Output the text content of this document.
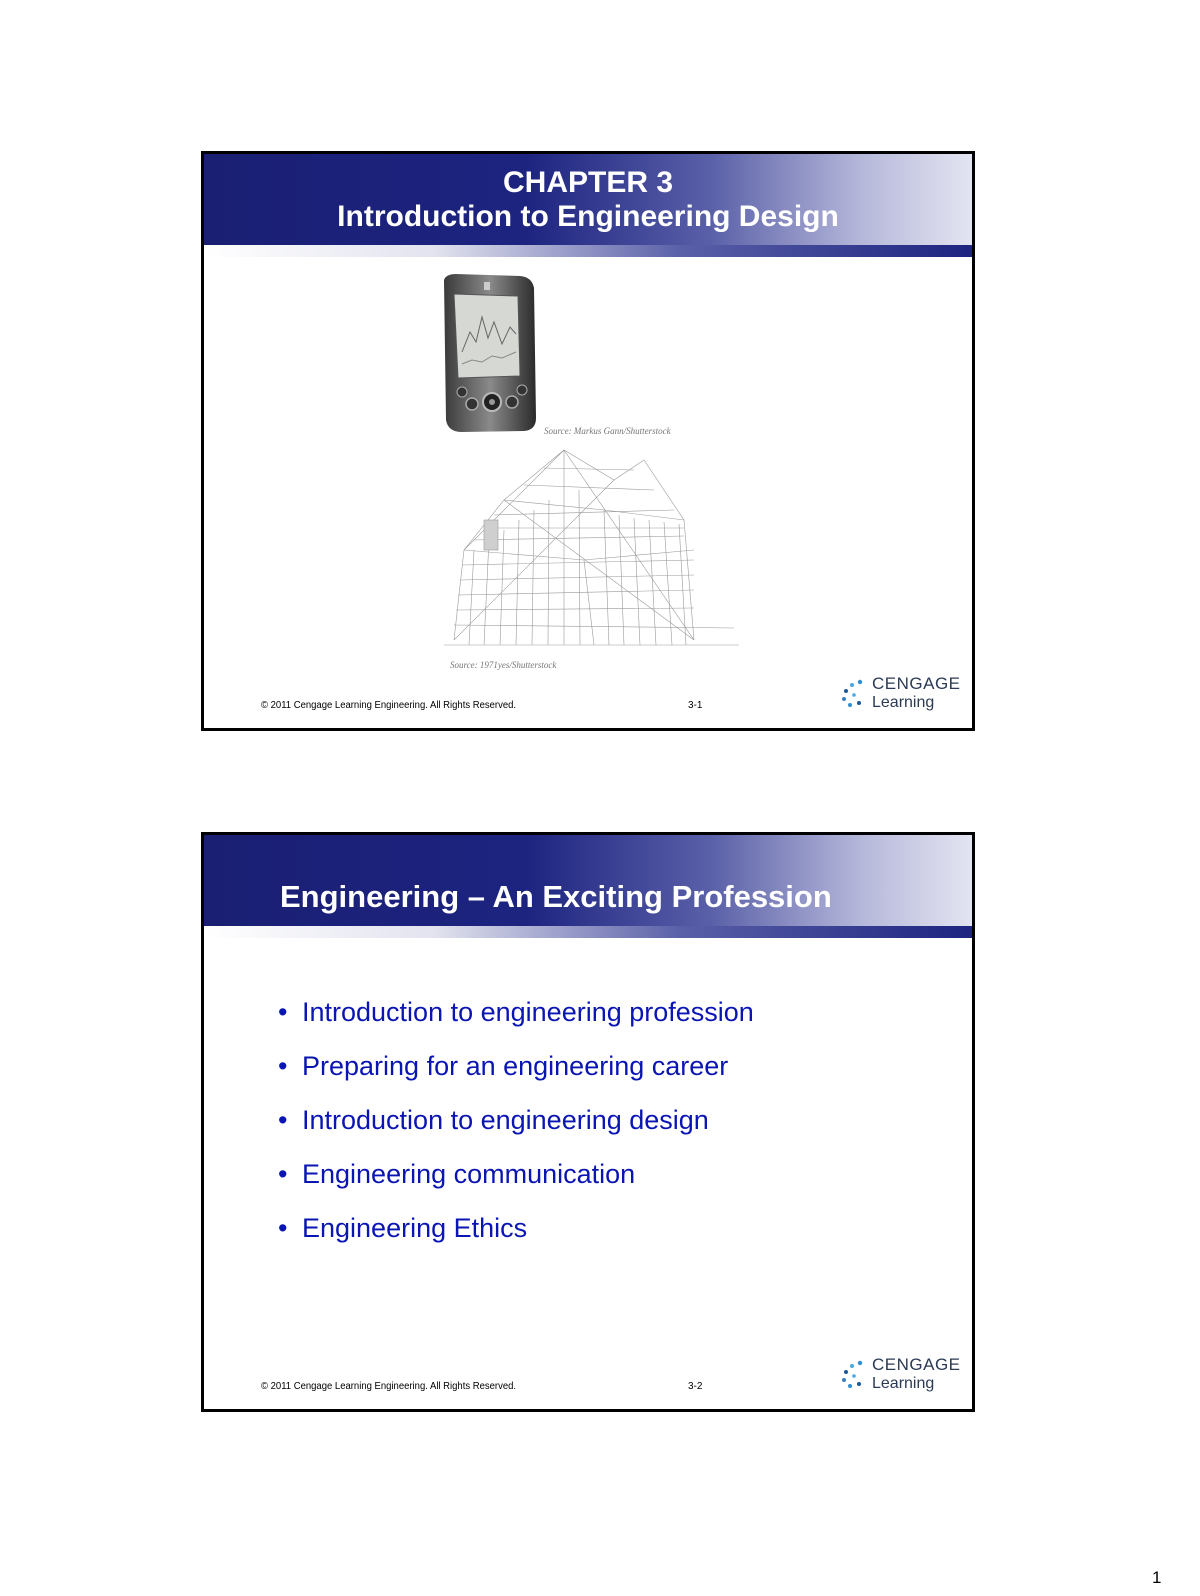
CHAPTER 3
Introduction to Engineering Design
Source: Markus Gann/Shutterstock
Source: 1971yes/Shutterstock
© 2011 Cengage Learning Engineering. All Rights Reserved.	3-1
CENGAGE
Learning
Engineering – An Exciting Profession
• Introduction to engineering profession
• Preparing for an engineering career
• Introduction to engineering design
• Engineering communication
• Engineering Ethics
© 2011 Cengage Learning Engineering. All Rights Reserved.	3-2
CENGAGE
Learning
1
